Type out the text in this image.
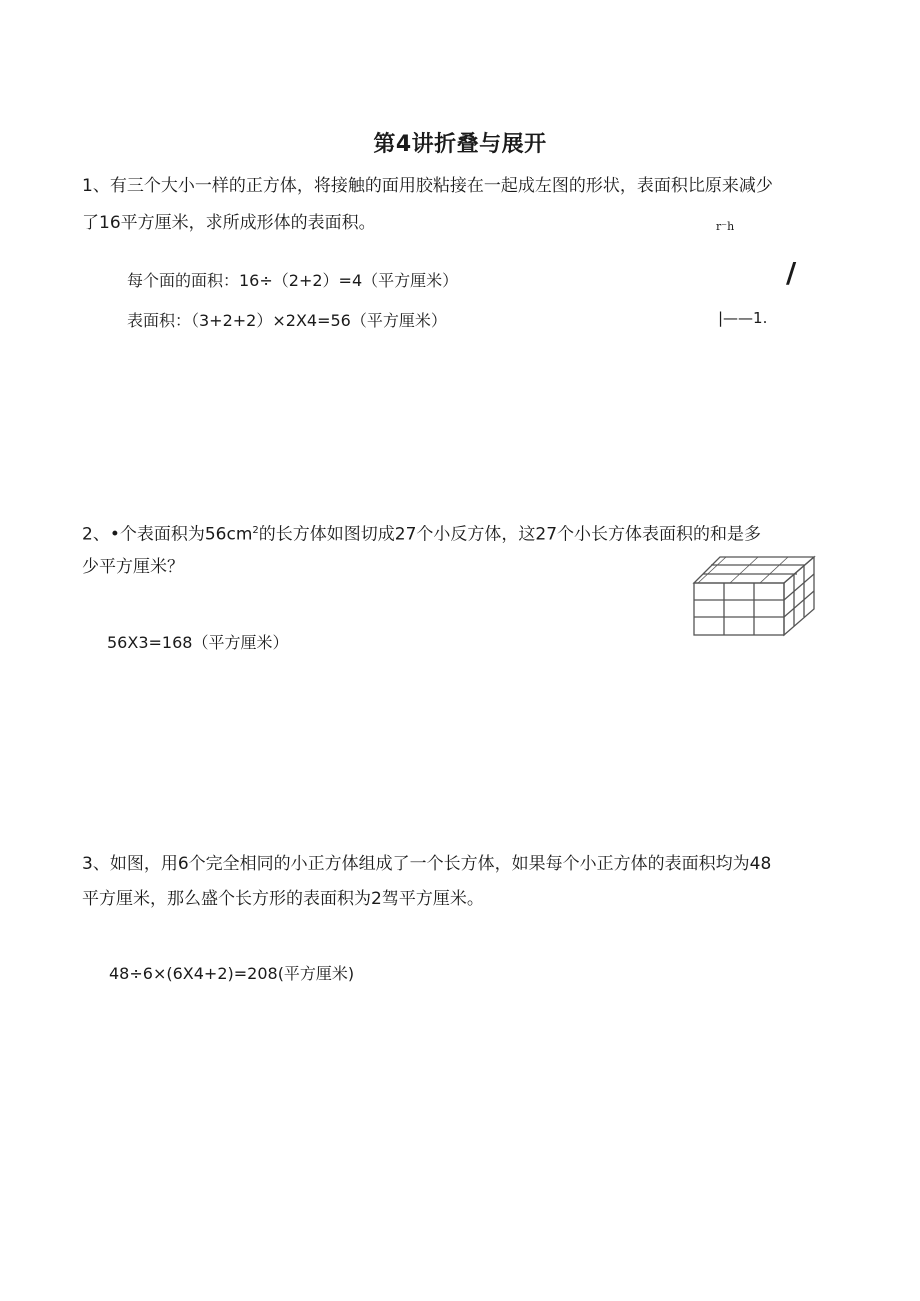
第4讲折叠与展开
1、有三个大小一样的正方体，将接触的面用胶粘接在一起成左图的形状，表面积比原来减少
了16平方厘米，求所成形体的表面积。
每个面的面积：16÷（2+2）=4（平方厘米）
表面积：（3+2+2）×2X4=56（平方厘米）
r⁻h
/
|——1.
2、•个表面积为$56cm^2$的长方体如图切成27个小反方体，这27个小长方体表面积的和是多
少平方厘米？
56X3=168（平方厘米）
3、如图，用6个完全相同的小正方体组成了一个长方体，如果每个小正方体的表面积均为48
平方厘米，那么盛个长方形的表面积为2驾平方厘米。
48÷6×(6X4+2)=208(平方厘米)
